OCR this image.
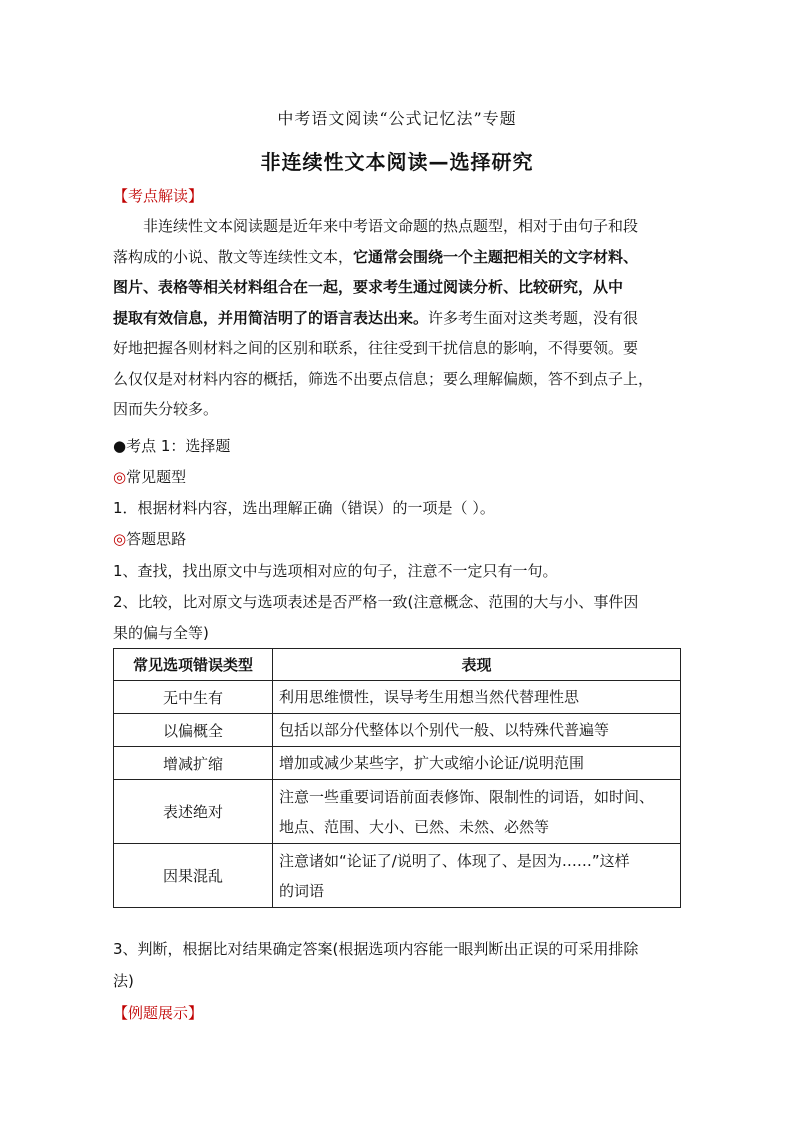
中考语文阅读“公式记忆法”专题
非连续性文本阅读—选择研究
【考点解读】

非连续性文本阅读题是近年来中考语文命题的热点题型，相对于由句子和段

落构成的小说、散文等连续性文本，它通常会围绕一个主题把相关的文字材料、

图片、表格等相关材料组合在一起，要求考生通过阅读分析、比较研究，从中

提取有效信息，并用简洁明了的语言表达出来。许多考生面对这类考题，没有很

好地把握各则材料之间的区别和联系，往往受到干扰信息的影响，不得要领。要

么仅仅是对材料内容的概括，筛选不出要点信息；要么理解偏颇，答不到点子上，

因而失分较多。

●考点 1：选择题
◎常见题型
1．根据材料内容，选出理解正确（错误）的一项是（ ）。
◎答题思路
1、查找，找出原文中与选项相对应的句子，注意不一定只有一句。
2、比较，比对原文与选项表述是否严格一致(注意概念、范围的大与小、事件因
果的偏与全等)
常见选项错误类型	表现
无中生有	利用思维惯性，误导考生用想当然代替理性思
以偏概全	包括以部分代整体以个别代一般、以特殊代普遍等
增减扩缩	增加或减少某些字，扩大或缩小论证/说明范围
表述绝对	注意一些重要词语前面表修饰、限制性的词语，如时间、
地点、范围、大小、已然、未然、必然等

因果混乱	注意诸如“论证了/说明了、体现了、是因为……”这样
的词语
3、判断，根据比对结果确定答案(根据选项内容能一眼判断出正误的可采用排除
法)
【例题展示】
